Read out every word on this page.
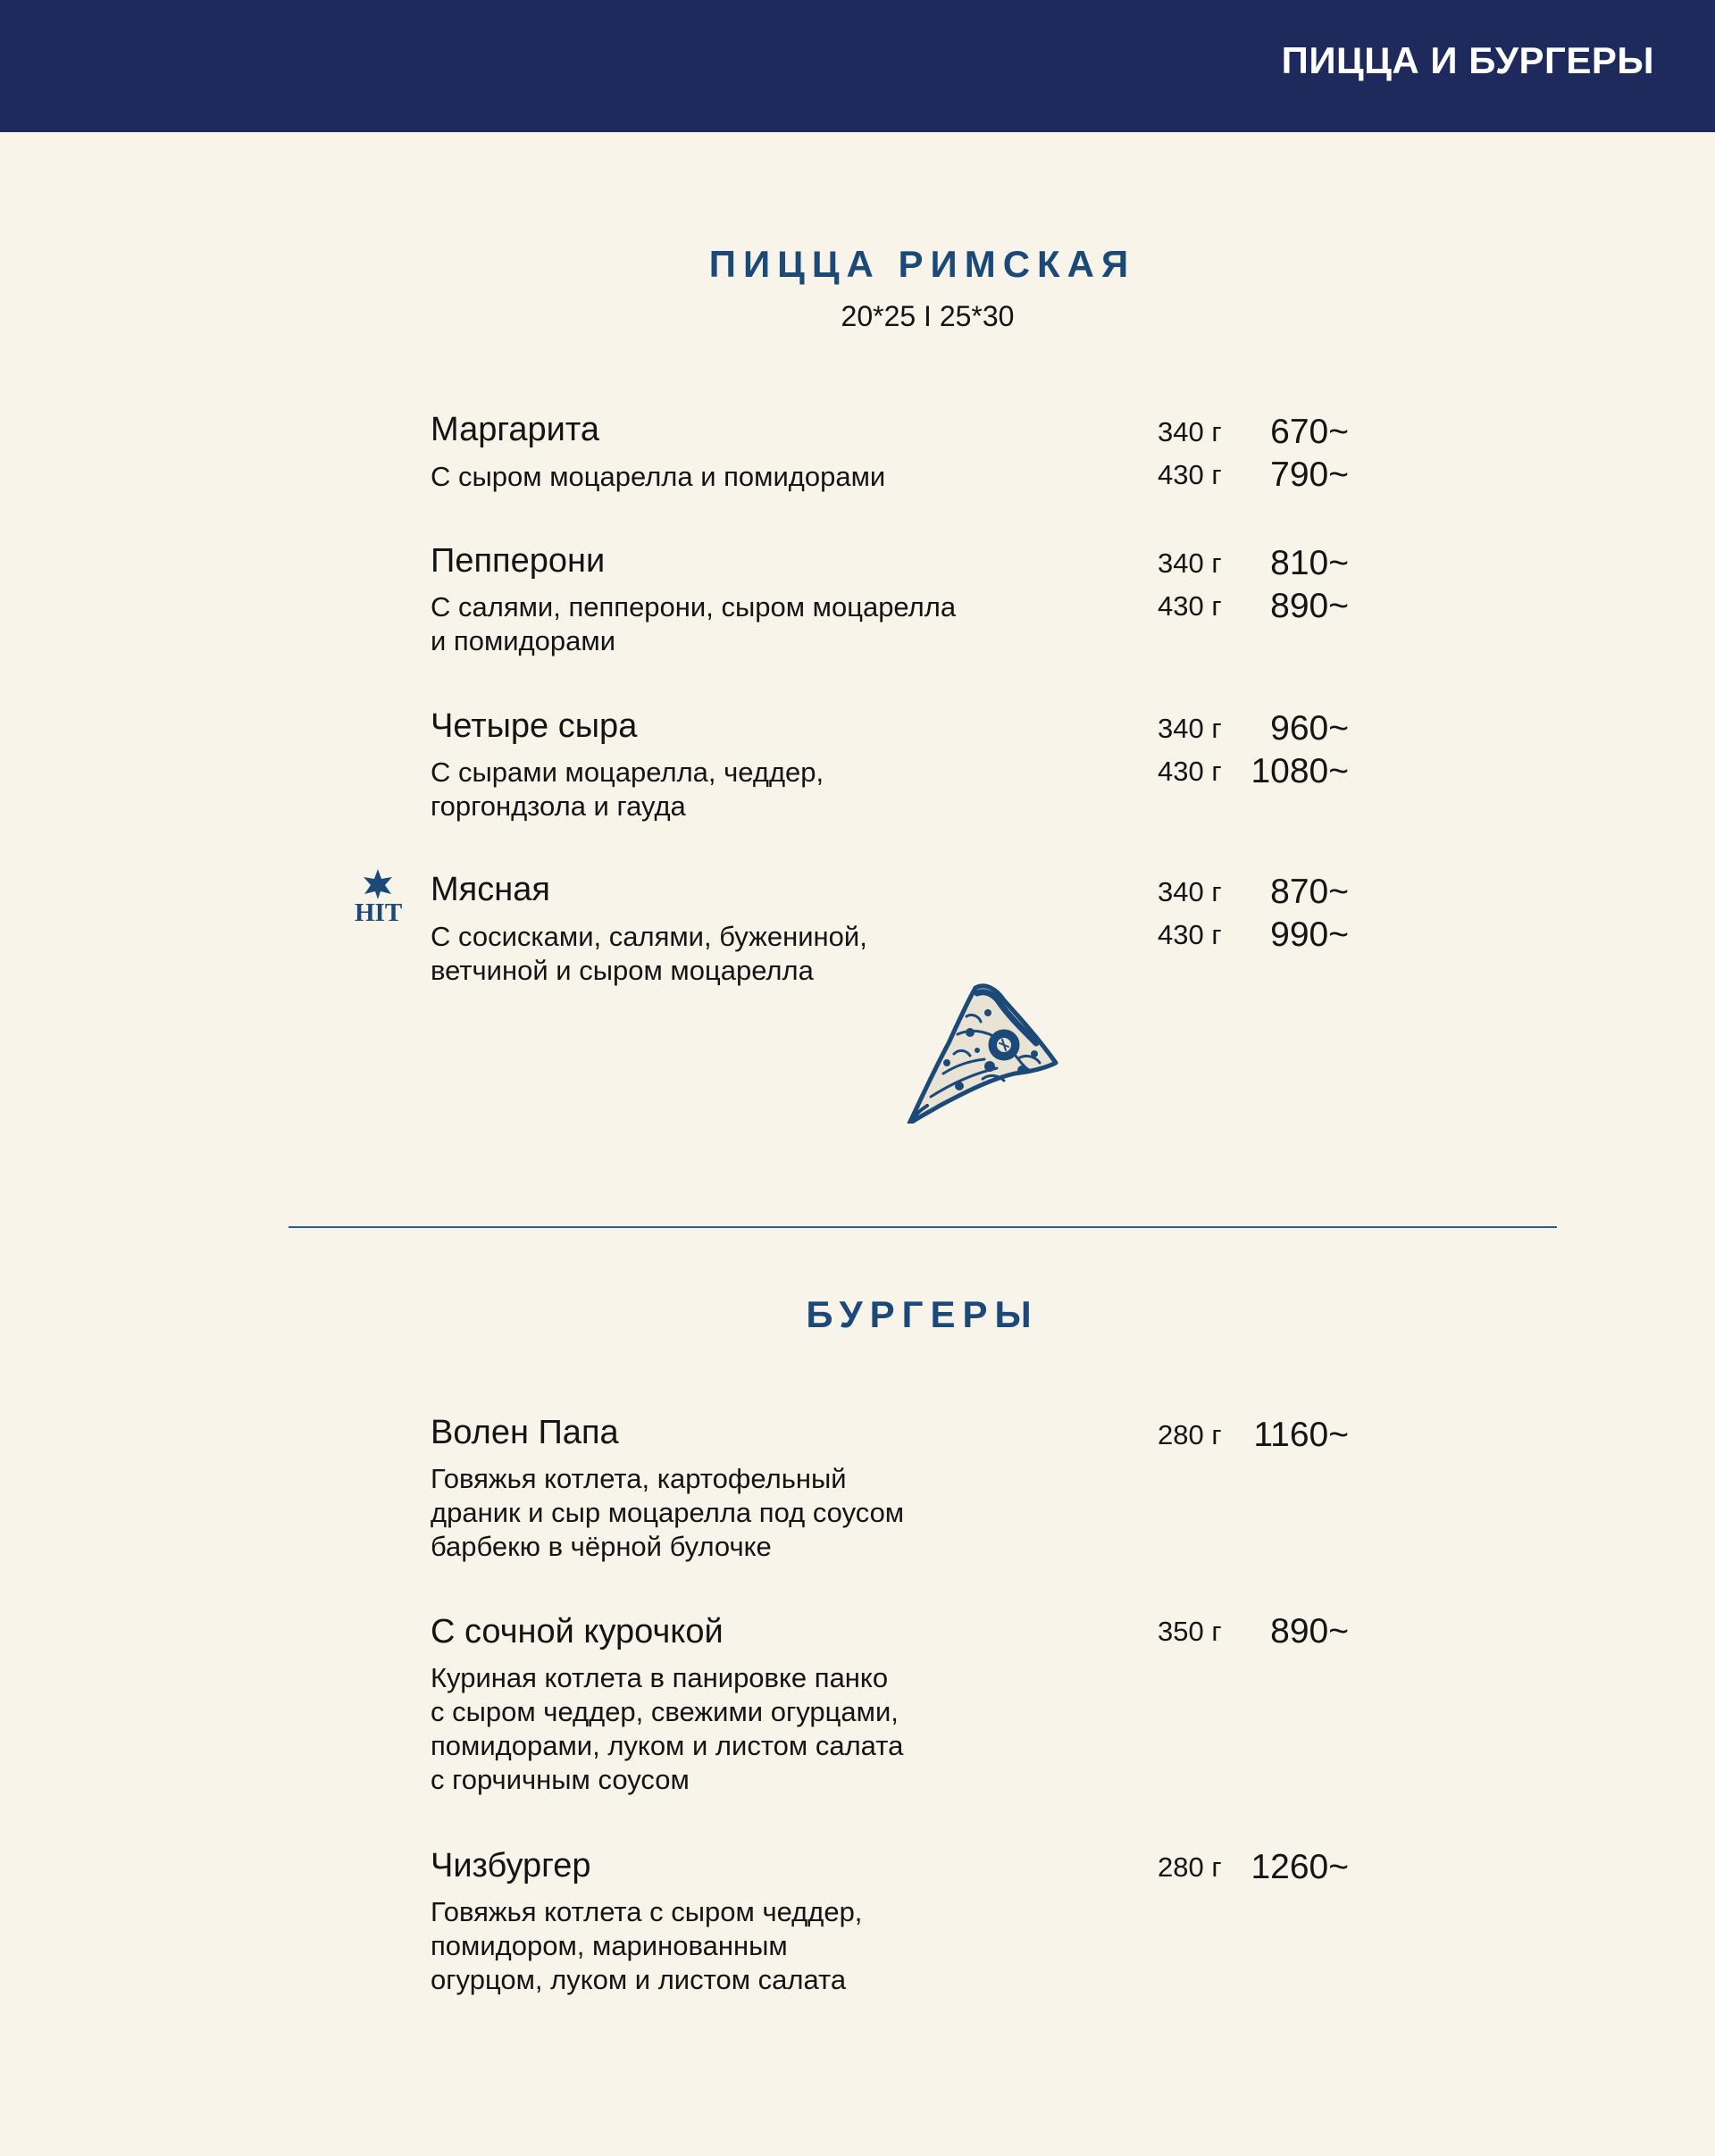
ПИЦЦА И БУРГЕРЫ
ПИЦЦА РИМСКАЯ
20*25 I 25*30
Маргарита
С сыром моцарелла и помидорами
340 г 670~
430 г 790~
Пепперони
С салями, пепперони, сыром моцарелла
и помидорами
340 г 810~
430 г 890~
Четыре сыра
С сырами моцарелла, чеддер,
горгондзола и гауда
340 г 960~
430 г 1080~
HIT
Мясная
С сосисками, салями, бужениной,
ветчиной и сыром моцарелла
340 г 870~
430 г 990~
БУРГЕРЫ
Волен Папа
Говяжья котлета, картофельный
драник и сыр моцарелла под соусом
барбекю в чёрной булочке
280 г 1160~
С сочной курочкой
Куриная котлета в панировке панко
с сыром чеддер, свежими огурцами,
помидорами, луком и листом салата
с горчичным соусом
350 г 890~
Чизбургер
Говяжья котлета с сыром чеддер,
помидором, маринованным
огурцом, луком и листом салата
280 г 1260~
